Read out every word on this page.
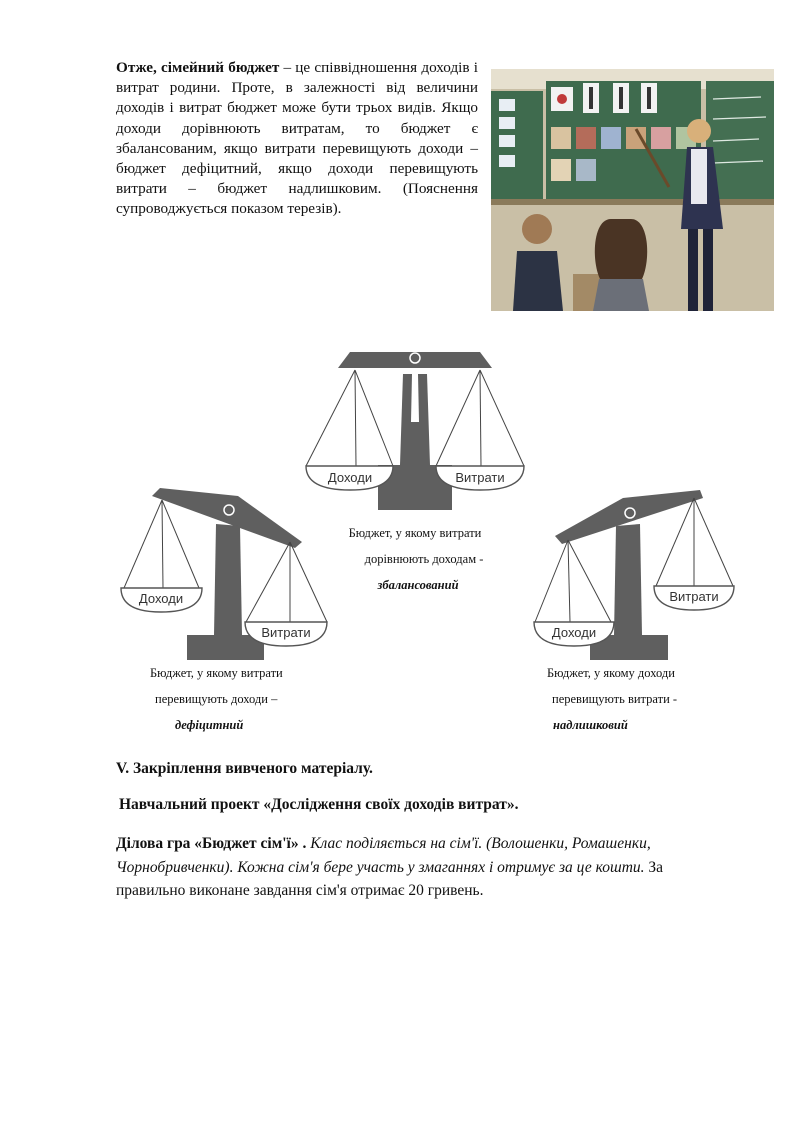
Отже, сімейний бюджет – це співвідношення доходів і витрат родини. Проте, в залежності від величини доходів і витрат бюджет може бути трьох видів. Якщо доходи дорівнюють витратам, то бюджет є збалансованим, якщо витрати перевищують доходи – бюджет дефіцитний, якщо доходи перевищують витрати – бюджет надлишковим. (Пояснення супроводжується показом терезів).
Доходи	Витрати
Доходи
Витрати	Доходи
Витрати
Бюджет, у якому витрати
дорівнюють доходам -
збалансований
Бюджет, у якому витрати
перевищують доходи –
дефіцитний
Бюджет, у якому доходи
перевищують витрати -
надлишковий
V. Закріплення вивченого матеріалу.
Навчальний проект «Дослідження своїх доходів витрат».
Ділова гра «Бюджет сім'ї» . Клас поділяється на сім'ї. (Волошенки, Ромашенки, Чорнобривченки). Кожна сім'я бере участь у змаганнях і отримує за це кошти. За правильно виконане завдання сім'я отримає 20 гривень.
